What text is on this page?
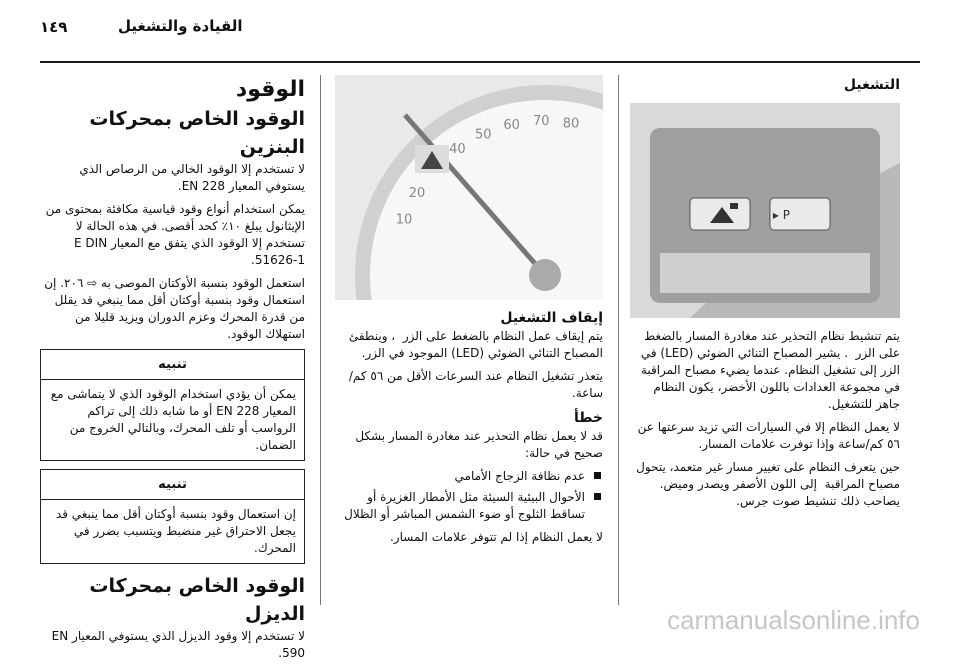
١٤٩	القيادة والتشغيل
التشغيل
P ▸

يتم تنشيط نظام التحذير عند مغادرة المسار بالضغط على الزر . يشير المصباح التنائي الضوئي (LED) في الزر إلى تشغيل النظام. عندما يضيء مصباح المراقبة في مجموعة العدادات باللون الأخضر، يكون النظام جاهز للتشغيل.

لا يعمل النظام إلا في السيارات التي تزيد سرعتها عن ٥٦ كم/ساعة وإذا توفرت علامات المسار.

حين يتعرف النظام على تغيير مسار غير متعمد، يتحول مصباح المراقبة إلى اللون الأصفر ويصدر وميض. يصاحب ذلك تنشيط صوت جرس.

10
20
40
50
60 70 80
إيقاف التشغيل

يتم إيقاف عمل النظام بالضغط على الزر ، وينطفئ المصباح التنائي الضوئي (LED) الموجود في الزر.

يتعذر تشغيل النظام عند السرعات الأقل من ٥٦ كم/ساعة.

خطأ

قد لا يعمل نظام التحذير عند مغادرة المسار بشكل صحيح في حالة:

عدم نظافة الزجاج الأمامي
الأحوال البيئية السيئة مثل الأمطار الغزيرة أو تساقط الثلوج أو ضوء الشمس المباشر أو الظلال

لا يعمل النظام إذا لم تتوفر علامات المسار.

الوقود
الوقود الخاص بمحركات البنزين

لا تستخدم إلا الوقود الخالي من الرصاص الذي يستوفي المعيار EN 228.

يمكن استخدام أنواع وقود قياسية مكافئة بمحتوى من الإيثانول يبلغ ١٠٪ كحد أقصى. في هذه الحالة لا تستخدم إلا الوقود الذي يتفق مع المعيار E DIN 51626-1.

استعمل الوقود بنسبة الأوكتان الموصى به ⇨ ٢٠٦. إن استعمال وقود بنسبة أوكتان أقل مما ينبغي قد يقلل من قدرة المحرك وعزم الدوران ويزيد قليلا من استهلاك الوقود.

تنبيه
يمكن أن يؤدي استخدام الوقود الذي لا يتماشى مع المعيار EN 228 أو ما شابه ذلك إلى تراكم الرواسب أو تلف المحرك، وبالتالي الخروج من الضمان.
تنبيه
إن استعمال وقود بنسبة أوكتان أقل مما ينبغي قد يجعل الاحتراق غير منضبط ويتسبب بضرر في المحرك.
الوقود الخاص بمحركات الديزل

لا تستخدم إلا وقود الديزل الذي يستوفي المعيار EN 590.

carmanualsonline.info
